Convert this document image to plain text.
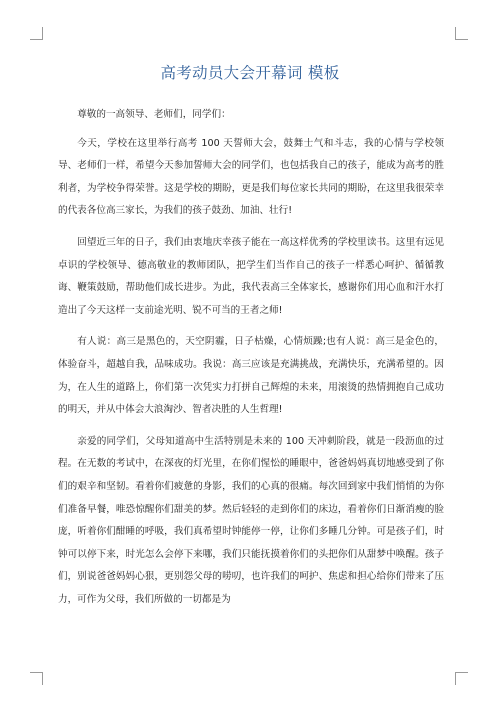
高考动员大会开幕词 模板

尊敬的一高领导、老师们，同学们：

今天，学校在这里举行高考 100 天誓师大会，鼓舞士气和斗志，我的心情与学校领导、老师们一样，希望今天参加誓师大会的同学们，也包括我自己的孩子，能成为高考的胜利者，为学校争得荣誉。这是学校的期盼，更是我们每位家长共同的期盼，在这里我很荣幸的代表各位高三家长，为我们的孩子鼓劲、加油、壮行!

回望近三年的日子，我们由衷地庆幸孩子能在一高这样优秀的学校里读书。这里有远见卓识的学校领导、德高敬业的教师团队，把学生们当作自己的孩子一样悉心呵护、循循教诲、鞭策鼓励，帮助他们成长进步。为此，我代表高三全体家长，感谢你们用心血和汗水打造出了今天这样一支前途光明、锐不可当的王者之师!

有人说：高三是黑色的，天空阴霾，日子枯燥，心情烦躁;也有人说：高三是金色的，体验奋斗，超越自我，品味成功。我说：高三应该是充满挑战，充满快乐，充满希望的。因为，在人生的道路上，你们第一次凭实力打拼自己辉煌的未来，用滚烫的热情拥抱自己成功的明天，并从中体会大浪淘沙、智者决胜的人生哲理!

亲爱的同学们，父母知道高中生活特别是未来的 100 天冲刺阶段，就是一段沥血的过程。在无数的考试中，在深夜的灯光里，在你们惺忪的睡眼中，爸爸妈妈真切地感受到了你们的艰辛和坚韧。看着你们疲惫的身影，我们的心真的很痛。每次回到家中我们悄悄的为你们准备早餐，唯恐惊醒你们甜美的梦。然后轻轻的走到你们的床边，看着你们日渐消瘦的脸庞，听着你们酣睡的呼吸，我们真希望时钟能停一停，让你们多睡几分钟。可是孩子们，时钟可以停下来，时光怎么会停下来哪，我们只能抚摸着你们的头把你们从甜梦中唤醒。孩子们，别说爸爸妈妈心狠，更别怨父母的唠叨，也许我们的呵护、焦虑和担心给你们带来了压力，可作为父母，我们所做的一切都是为
